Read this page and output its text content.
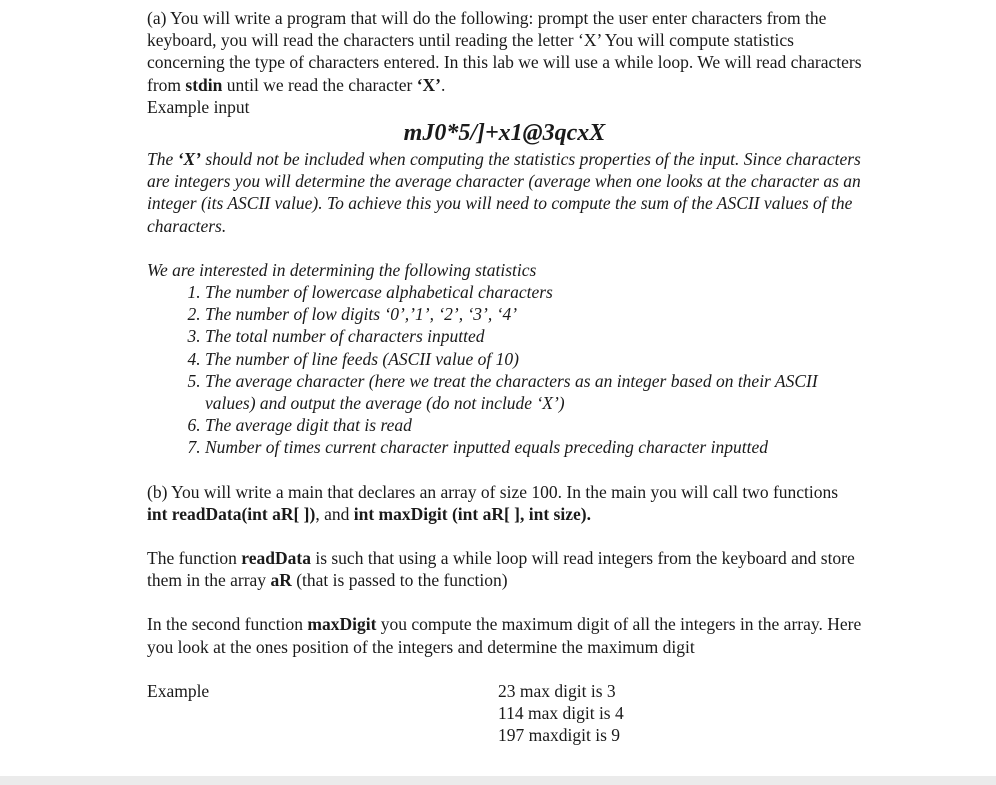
(a) You will write a program that will do the following: prompt the user enter characters from the keyboard, you will read the characters until reading the letter ‘X’ You will compute statistics concerning the type of characters entered. In this lab we will use a while loop. We will read characters from stdin until we read the character ‘X’.

Example input

mJ0*5/]+x1@3qcxX

The ‘X’ should not be included when computing the statistics properties of the input. Since characters are integers you will determine the average character (average when one looks at the character as an integer (its ASCII value). To achieve this you will need to compute the sum of the ASCII values of the characters.

We are interested in determining the following statistics

1. The number of lowercase alphabetical characters
2. The number of low digits ‘0’,’1’, ‘2’, ‘3’, ‘4’
3. The total number of characters inputted
4. The number of line feeds (ASCII value of 10)
5. The average character (here we treat the characters as an integer based on their ASCII values) and output the average (do not include ‘X’)
6. The average digit that is read
7. Number of times current character inputted equals preceding character inputted

(b) You will write a main that declares an array of size 100. In the main you will call two functions int readData(int aR[ ]), and int maxDigit (int aR[ ], int size).

The function readData is such that using a while loop will read integers from the keyboard and store them in the array aR (that is passed to the function)

In the second function maxDigit you compute the maximum digit of all the integers in the array. Here you look at the ones position of the integers and determine the maximum digit

Example	23 max digit is 3
114 max digit is 4
197 maxdigit is 9
